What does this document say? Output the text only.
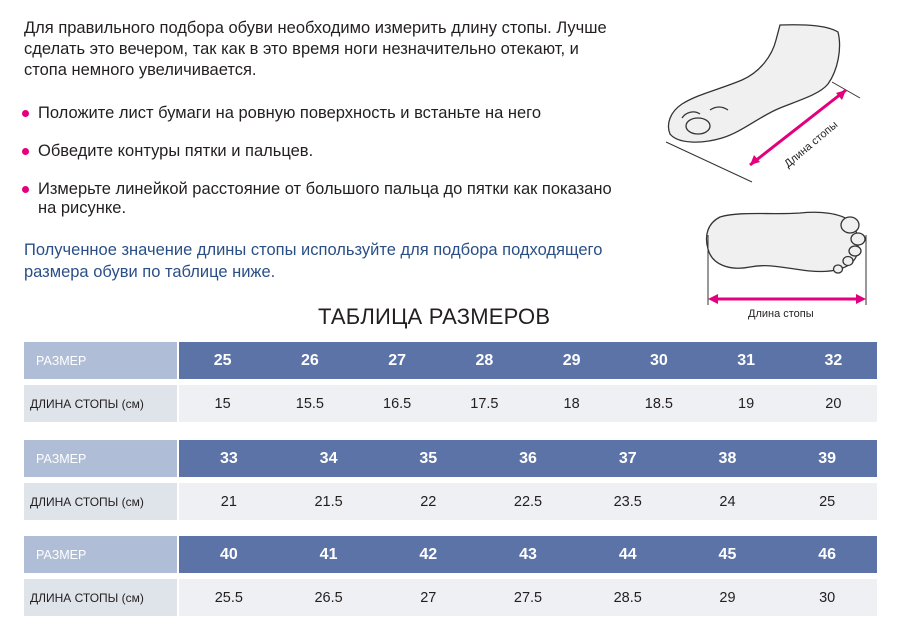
Для правильного подбора обуви необходимо измерить длину стопы. Лучше сделать это вечером, так как в это время ноги незначительно отекают, и стопа немного увеличивается.
Положите лист бумаги на ровную поверхность и встаньте на него
Обведите контуры пятки и пальцев.
Измерьте линейкой расстояние от большого пальца до пятки как показано на рисунке.
Полученное значение длины стопы используйте для подбора подходящего размера обуви по таблице ниже.
Длина стопы
Длина стопы
ТАБЛИЦА РАЗМЕРОВ
РАЗМЕР	25	26	27	28	29	30	31	32
ДЛИНА СТОПЫ (см)	15	15.5	16.5	17.5	18	18.5	19	20
РАЗМЕР	33	34	35	36	37	38	39
ДЛИНА СТОПЫ (см)	21	21.5	22	22.5	23.5	24	25
РАЗМЕР	40	41	42	43	44	45	46
ДЛИНА СТОПЫ (см)	25.5	26.5	27	27.5	28.5	29	30
